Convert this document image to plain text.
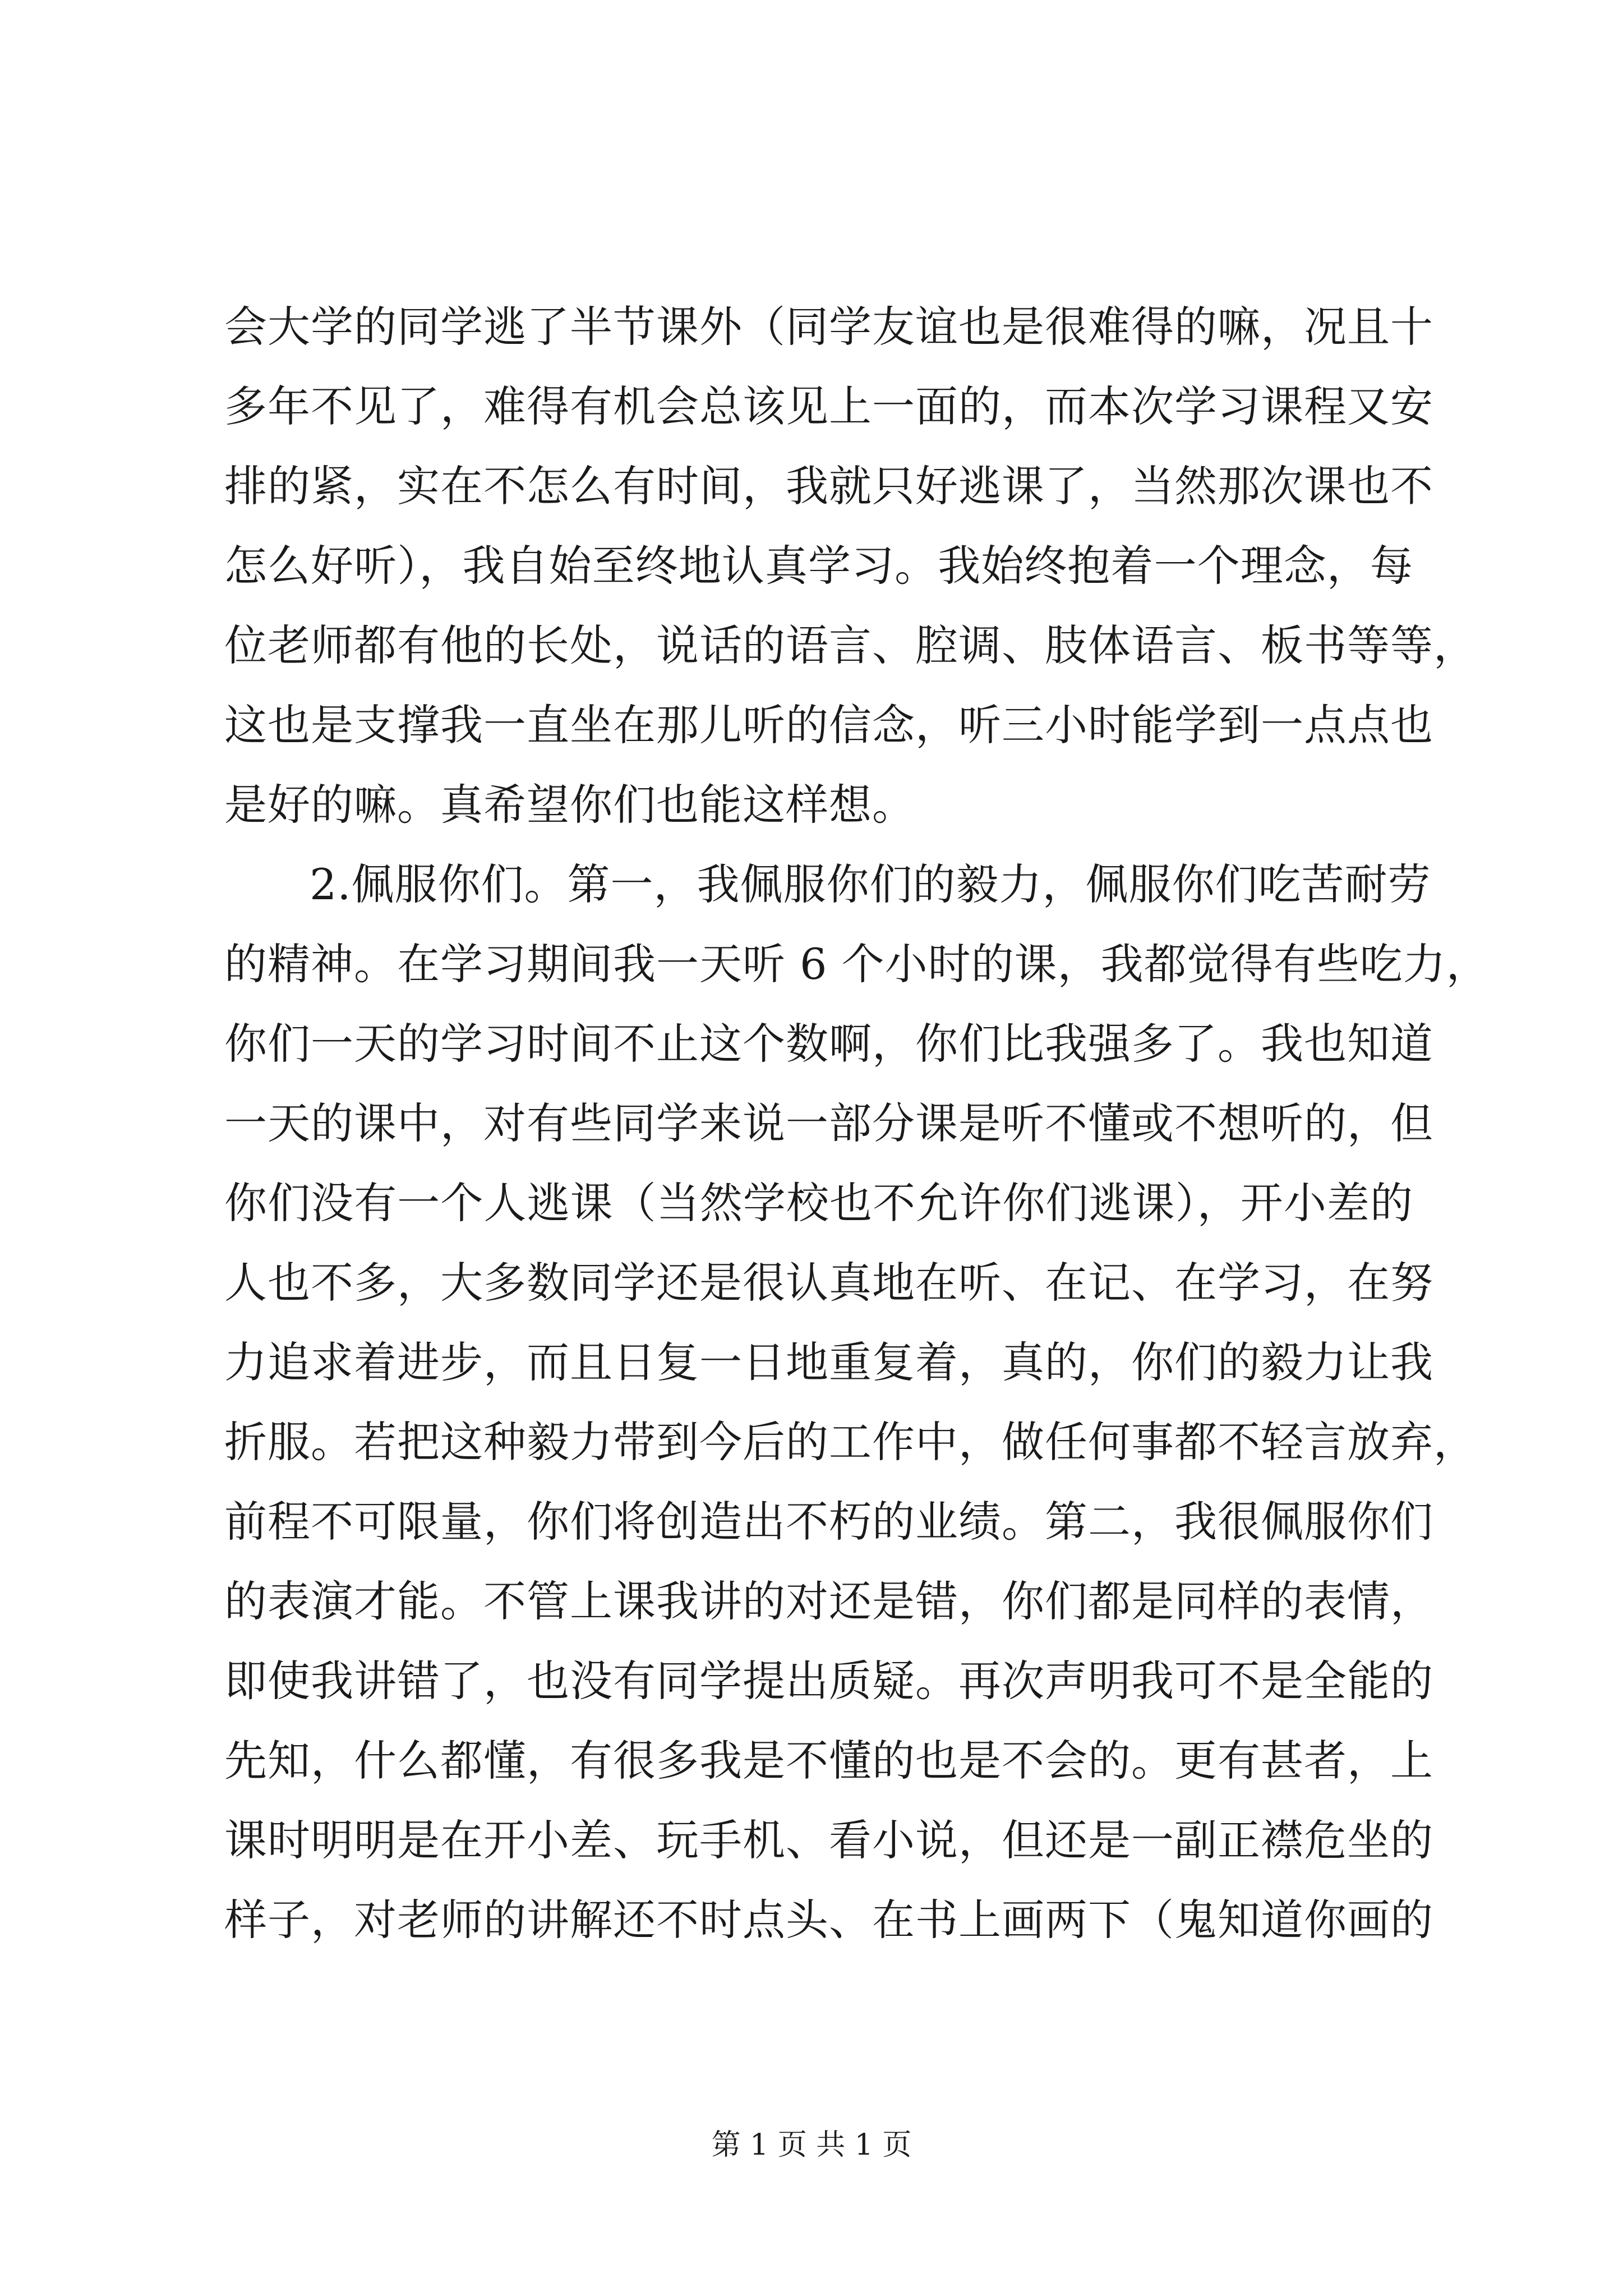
会大学的同学逃了半节课外（同学友谊也是很难得的嘛，况且十
多年不见了，难得有机会总该见上一面的，而本次学习课程又安
排的紧，实在不怎么有时间，我就只好逃课了，当然那次课也不
怎么好听），我自始至终地认真学习。我始终抱着一个理念，每
位老师都有他的长处，说话的语言、腔调、肢体语言、板书等等，
这也是支撑我一直坐在那儿听的信念，听三小时能学到一点点也
是好的嘛。真希望你们也能这样想。
2.佩服你们。第一，我佩服你们的毅力，佩服你们吃苦耐劳
的精神。在学习期间我一天听 6 个小时的课，我都觉得有些吃力，
你们一天的学习时间不止这个数啊，你们比我强多了。我也知道
一天的课中，对有些同学来说一部分课是听不懂或不想听的，但
你们没有一个人逃课（当然学校也不允许你们逃课），开小差的
人也不多，大多数同学还是很认真地在听、在记、在学习，在努
力追求着进步，而且日复一日地重复着，真的，你们的毅力让我
折服。若把这种毅力带到今后的工作中，做任何事都不轻言放弃，
前程不可限量，你们将创造出不朽的业绩。第二，我很佩服你们
的表演才能。不管上课我讲的对还是错，你们都是同样的表情，
即使我讲错了，也没有同学提出质疑。再次声明我可不是全能的
先知，什么都懂，有很多我是不懂的也是不会的。更有甚者，上
课时明明是在开小差、玩手机、看小说，但还是一副正襟危坐的
样子，对老师的讲解还不时点头、在书上画两下（鬼知道你画的
第 1 页 共 1 页
